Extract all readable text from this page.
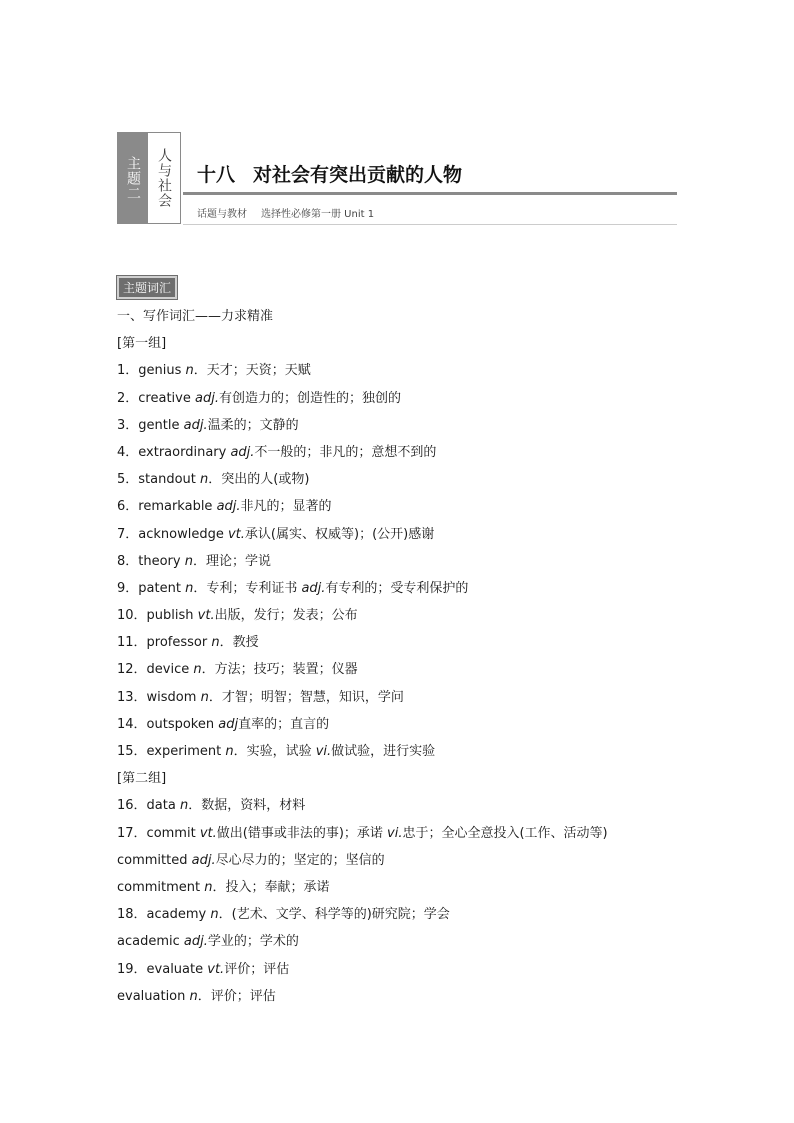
主题二	人与社会	十八 对社会有突出贡献的人物
话题与教材 选择性必修第一册 Unit 1
主题词汇
一、写作词汇——力求精准
[第一组]
1．genius n．天才；天资；天赋
2．creative adj.有创造力的；创造性的；独创的
3．gentle adj.温柔的；文静的
4．extraordinary adj.不一般的；非凡的；意想不到的
5．standout n．突出的人(或物)
6．remarkable adj.非凡的；显著的
7．acknowledge vt.承认(属实、权威等)；(公开)感谢
8．theory n．理论；学说
9．patent n．专利；专利证书 adj.有专利的；受专利保护的
10．publish vt.出版，发行；发表；公布
11．professor n．教授
12．device n．方法；技巧；装置；仪器
13．wisdom n．才智；明智；智慧，知识，学问
14．outspoken adj直率的；直言的
15．experiment n．实验，试验 vi.做试验，进行实验
[第二组]
16．data n．数据，资料，材料
17．commit vt.做出(错事或非法的事)；承诺 vi.忠于；全心全意投入(工作、活动等)
committed adj.尽心尽力的；坚定的；坚信的
commitment n．投入；奉献；承诺
18．academy n．(艺术、文学、科学等的)研究院；学会
academic adj.学业的；学术的
19．evaluate vt.评价；评估
evaluation n．评价；评估
